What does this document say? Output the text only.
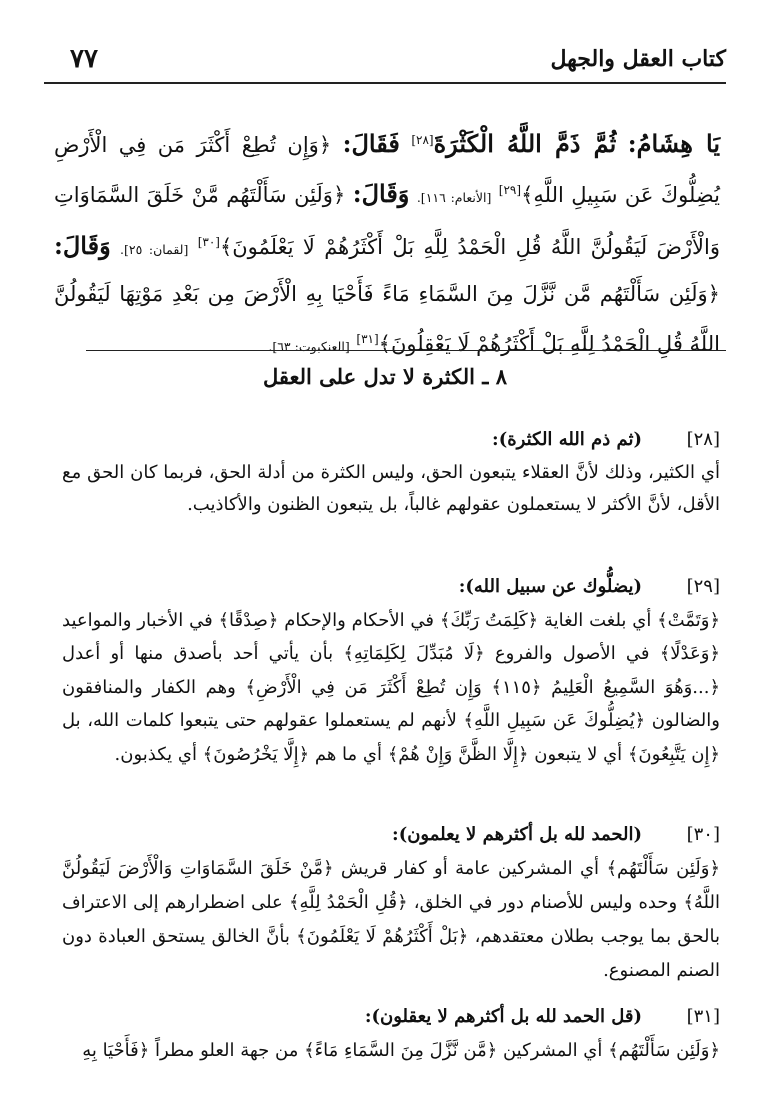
كتاب العقل والجهل
٧٧

يَا هِشَامُ: ثُمَّ ذَمَّ اللَّهُ الْكَثْرَةَ[٢٨] فَقَالَ: ﴿وَإِن تُطِعْ أَكْثَرَ مَن فِي الْأَرْضِ يُضِلُّوكَ عَن سَبِيلِ اللَّهِ﴾[٢٩] [الأنعام: ١١٦]. وَقَالَ: ﴿وَلَئِن سَأَلْتَهُم مَّنْ خَلَقَ السَّمَاوَاتِ وَالْأَرْضَ لَيَقُولُنَّ اللَّهُ قُلِ الْحَمْدُ لِلَّهِ بَلْ أَكْثَرُهُمْ لَا يَعْلَمُونَ﴾[٣٠] [لقمان: ٢٥]. وَقَالَ: ﴿وَلَئِن سَأَلْتَهُم مَّن نَّزَّلَ مِنَ السَّمَاءِ مَاءً فَأَحْيَا بِهِ الْأَرْضَ مِن بَعْدِ مَوْتِهَا لَيَقُولُنَّ اللَّهُ قُلِ الْحَمْدُ لِلَّهِ بَلْ أَكْثَرُهُمْ لَا يَعْقِلُونَ﴾[٣١] [العنكبوت: ٦٣].

٨ ـ الكثرة لا تدل على العقل
[٢٨]
(ثم ذم الله الكثرة):

أي الكثير، وذلك لأنَّ العقلاء يتبعون الحق، وليس الكثرة من أدلة الحق، فربما كان الحق مع الأقل، لأنَّ الأكثر لا يستعملون عقولهم غالباً، بل يتبعون الظنون والأكاذيب.

[٢٩]
(يضلُّوك عن سبيل الله):

﴿وَتَمَّتْ﴾ أي بلغت الغاية ﴿كَلِمَتُ رَبِّكَ﴾ في الأحكام والإحكام ﴿صِدْقًا﴾ في الأخبار والمواعيد ﴿وَعَدْلًا﴾ في الأصول والفروع ﴿لَا مُبَدِّلَ لِكَلِمَاتِهِ﴾ بأن يأتي أحد بأصدق منها أو أعدل ﴿...وَهُوَ السَّمِيعُ الْعَلِيمُ ﴿١١٥﴾ وَإِن تُطِعْ أَكْثَرَ مَن فِي الْأَرْضِ﴾ وهم الكفار والمنافقون والضالون ﴿يُضِلُّوكَ عَن سَبِيلِ اللَّهِ﴾ لأنهم لم يستعملوا عقولهم حتى يتبعوا كلمات الله، بل ﴿إِن يَتَّبِعُونَ﴾ أي لا يتبعون ﴿إِلَّا الظَّنَّ وَإِنْ هُمْ﴾ أي ما هم ﴿إِلَّا يَخْرُصُونَ﴾ أي يكذبون.

[٣٠]
(الحمد لله بل أكثرهم لا يعلمون):

﴿وَلَئِن سَأَلْتَهُم﴾ أي المشركين عامة أو كفار قريش ﴿مَّنْ خَلَقَ السَّمَاوَاتِ وَالْأَرْضَ لَيَقُولُنَّ اللَّهُ﴾ وحده وليس للأصنام دور في الخلق، ﴿قُلِ الْحَمْدُ لِلَّهِ﴾ على اضطرارهم إلى الاعتراف بالحق بما يوجب بطلان معتقدهم، ﴿بَلْ أَكْثَرُهُمْ لَا يَعْلَمُونَ﴾ بأنَّ الخالق يستحق العبادة دون الصنم المصنوع.

[٣١]
(قل الحمد لله بل أكثرهم لا يعقلون):

﴿وَلَئِن سَأَلْتَهُم﴾ أي المشركين ﴿مَّن نَّزَّلَ مِنَ السَّمَاءِ مَاءً﴾ من جهة العلو مطراً ﴿فَأَحْيَا بِهِ
